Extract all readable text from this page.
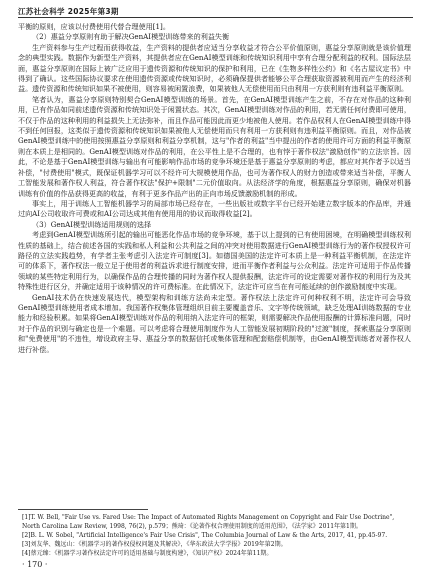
江苏社会科学 2025年第3期

平衡的原则，应该以付费使用代替合理使用[1]。

（2）惠益分享原则有助于解决GenAI模型训练带来的利益失衡

生产资料参与生产过程而获得收益，生产资料的提供者应适当分享收益才符合公平价值原则，惠益分享原则就是该价值理念的典型实践。数据作为新型生产资料，其提供者应在GenAI模型训练和传统知识利用中享有合理分配利益的权利。国际法层面，惠益分享原则在国际上被广泛应用于遗传资源和传统知识的保护和利用，已在《生物多样性公约》和《名古屋议定书》中得到了确认。这些国际协议要求在使用遗传资源或传统知识时，必须确保提供者能够公平合理获取资源被利用而产生的经济利益。遗传资源和传统知识如果不被使用，则容易被闲置浪费，如果被他人无偿使用而只由利用一方获利则有违利益平衡原则。

笔者认为，惠益分享原则特别契合GenAI模型训练的场景。首先，在GenAI模型训练产生之前，不存在对作品的这种利用，已有作品如同前述遗传资源和传统知识处于闲置状态。其次，GenAI模型训练对作品的利用，若无需任何付费即可使用，不仅于作品的这种利用的利益损失上无法弥补，而且作品可能因此而更少地被他人使用。若作品权利人在GenAI模型训练中得不到任何回报，这类似于遗传资源和传统知识如果被他人无偿使用而只有利用一方获利则有违利益平衡原则。而且，对作品被GenAI模型训练中的使用按照惠益分享原则和利益分享机制，这与"作者的利益"当中提出的作者的使用许可方面的利益平衡原则在本质上是相同的。GenAI模型训练对作品的利用，在公平性上是不合理的，也有悖于著作权法"激励创作"的立法宗旨。因此，不论是基于GenAI模型训练与输出有可能影响作品市场的竞争环境还是基于惠益分享原则的考虑，都应对其作者予以适当补偿，"付费使用"模式，既保证机器学习可以不经许可大规模使用作品，也可为著作权人的财力创造或带来适当补偿，平衡人工智能发展和著作权人利益，符合著作权法"保护+限制"二元价值取向。从法经济学的角度，根据惠益分享原则，确保对机器训练有价值的作品获得更高的收益，有利于更多作品产出的正向市场反馈激励机制的形成。

事实上，用于训练人工智能机器学习的局部市场已经存在，一些出版社或数字平台已经开始建立数字版本的作品库，并通过向AI公司收取许可费或和AI公司达成其他有使用用的协议而取得收益[2]。

（3）GenAI模型训练适用规则的选择

考虑到GenAI模型训练所引起的输出可能恶化作品市场的竞争环境，基于以上提到的已有使用困境，在明确模型训练权利性质的基础上，结合前述各国的实践和私人利益和公共利益之间的冲突对使用数据进行GenAI模型训练行为的著作权授权许可路径的立法实践趋势，有学者主张考虑引入法定许可制度[3]。如德国美国的法定许可本质上是一种利益平衡机制，在法定许可的体系下，著作权法一般立足于使用者的利益诉求进行制度安排，进而平衡作者利益与公众利益。法定许可适用于作品传播领域的某些特定利用行为，以确保作品的合理传播的同时为著作权人提供报酬，法定许可的设定需要对著作权的利用行为及其特殊性进行区分，并确定适用于该种情况的许可费标准。在此情况下，法定许可应当在有可能延续的创作激励制度中实现。

GenAI技术仍在快速发展迭代，模型架构和训练方法尚未定型。著作权法上法定许可何种权利不明，法定许可会导致GenAI模型训练使用者成本增加。我国著作权集体管理组织目前主要覆盖音乐、文字等传统领域，缺乏处理AI训练数据的专业能力和经验积累。如果将GenAI模型训练对作品的利用纳入法定许可的框架，则需要解决作品使用报酬的计算标准问题，同时对于作品的识别与确定也是一个难题。可以考虑将合理使用制度作为人工智能发展初期阶段的"过渡"制度，探索惠益分享原则和"免费使用"的不违性，增设政府主导、惠益分享的数据信托或集体管理和配套赔偿机制等，由GenAI模型训练者对著作权人进行补偿。

[1]T. W. Bell, "Fair Use vs. Fared Use: The Impact of Automated Rights Management on Copyright and Fair Use Doctrine",
North Carolina Law Review, 1998, 76(2), p.579；熊琦：《论著作权合理使用制度的适用范围》，《法学家》2011年第1期。
[2]B. L. W. Sobel, "Artificial Intelligence's Fair Use Crisis", The Columbia Journal of Law & the Arts, 2017, 41, pp.45-97.
[3]刘友华、魏远山：《机器学习的著作权侵权问题及其解决》，《华东政法大学学报》2019年第2期。
[4]蔡元臻：《机器学习著作权法定许可的适用基础与制度构建》，《知识产权》2024年第11期。
· 170 ·
